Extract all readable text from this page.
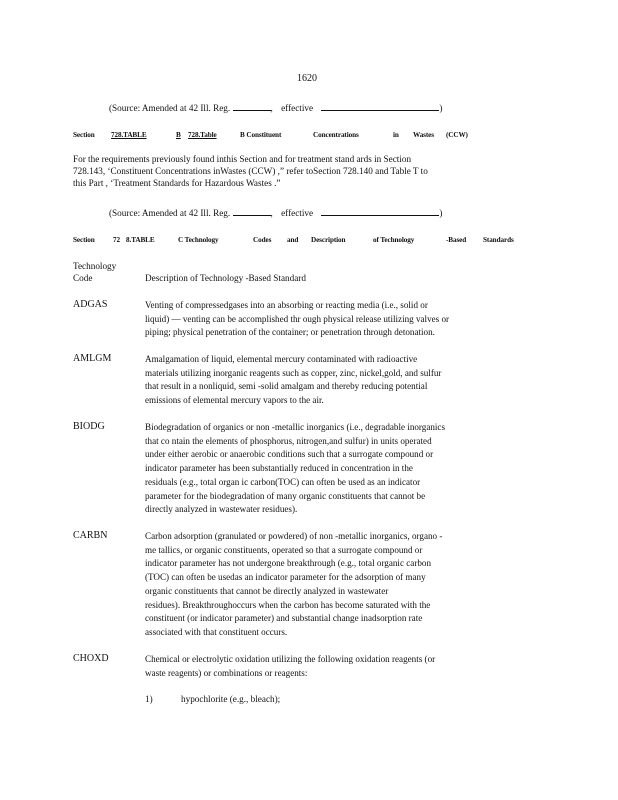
1620
(Source: Amended at 42 Ill. Reg.	, effective	)
Section 728.TABLE	B 728.Table	B Constituent	Concentrations	in Wastes (CCW)
For the requirements previously found inthis Section and for treatment stand ards in Section
728.143, ‘Constituent Concentrations inWastes (CCW) ,” refer toSection 728.140 and Table T to
this Part , ‘Treatment Standards for Hazardous Wastes .”
(Source: Amended at 42 Ill. Reg.	, effective	)
Section	72 8.TABLE	C Technology	Codes and Description	of Technology	-Based Standards
Technology
Code	Description of Technology -Based Standard
ADGAS	Venting of compressedgases into an absorbing or reacting media (i.e., solid or
liquid) — venting can be accomplished thr ough physical release utilizing valves or
piping; physical penetration of the container; or penetration through detonation.
AMLGM	Amalgamation of liquid, elemental mercury contaminated with radioactive
materials utilizing inorganic reagents such as copper, zinc, nickel,gold, and sulfur
that result in a nonliquid, semi -solid amalgam and thereby reducing potential
emissions of elemental mercury vapors to the air.
BIODG	Biodegradation of organics or non -metallic inorganics (i.e., degradable inorganics
that co ntain the elements of phosphorus, nitrogen,and sulfur) in units operated
under either aerobic or anaerobic conditions such that a surrogate compound or
indicator parameter has been substantially reduced in concentration in the
residuals (e.g., total organ ic carbon(TOC) can often be used as an indicator
parameter for the biodegradation of many organic constituents that cannot be
directly analyzed in wastewater residues).
CARBN	Carbon adsorption (granulated or powdered) of non -metallic inorganics, organo -
me tallics, or organic constituents, operated so that a surrogate compound or
indicator parameter has not undergone breakthrough (e.g., total organic carbon
(TOC) can often be usedas an indicator parameter for the adsorption of many
organic constituents that cannot be directly analyzed in wastewater
residues). Breakthroughoccurs when the carbon has become saturated with the
constituent (or indicator parameter) and substantial change inadsorption rate
associated with that constituent occurs.
CHOXD	Chemical or electrolytic oxidation utilizing the following oxidation reagents (or
waste reagents) or combinations or reagents:
1)	hypochlorite (e.g., bleach);
